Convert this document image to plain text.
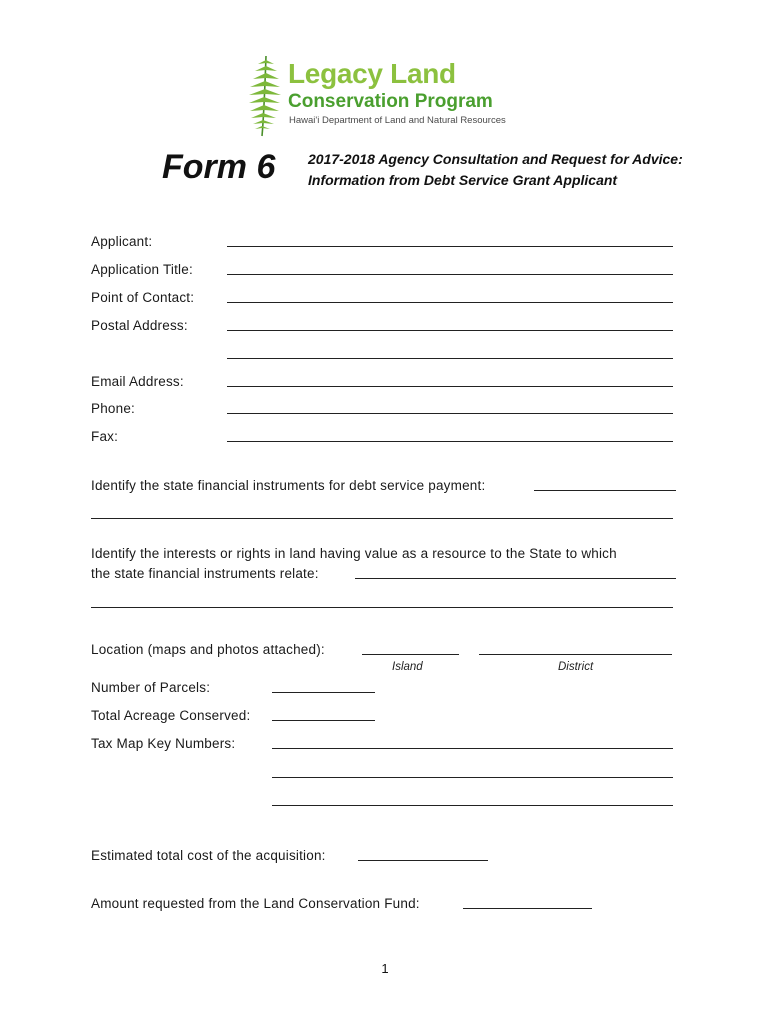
Legacy Land
Conservation Program
Hawai'i Department of Land and Natural Resources
Form 6 2017-2018 Agency Consultation and Request for Advice:
Information from Debt Service Grant Applicant
Applicant:
Application Title:
Point of Contact:
Postal Address:
Email Address:
Phone:
Fax:
Identify the state financial instruments for debt service payment:
Identify the interests or rights in land having value as a resource to the State to which
the state financial instruments relate:
Location (maps and photos attached):
Island	District
Number of Parcels:
Total Acreage Conserved:
Tax Map Key Numbers:
Estimated total cost of the acquisition:
Amount requested from the Land Conservation Fund:
1
